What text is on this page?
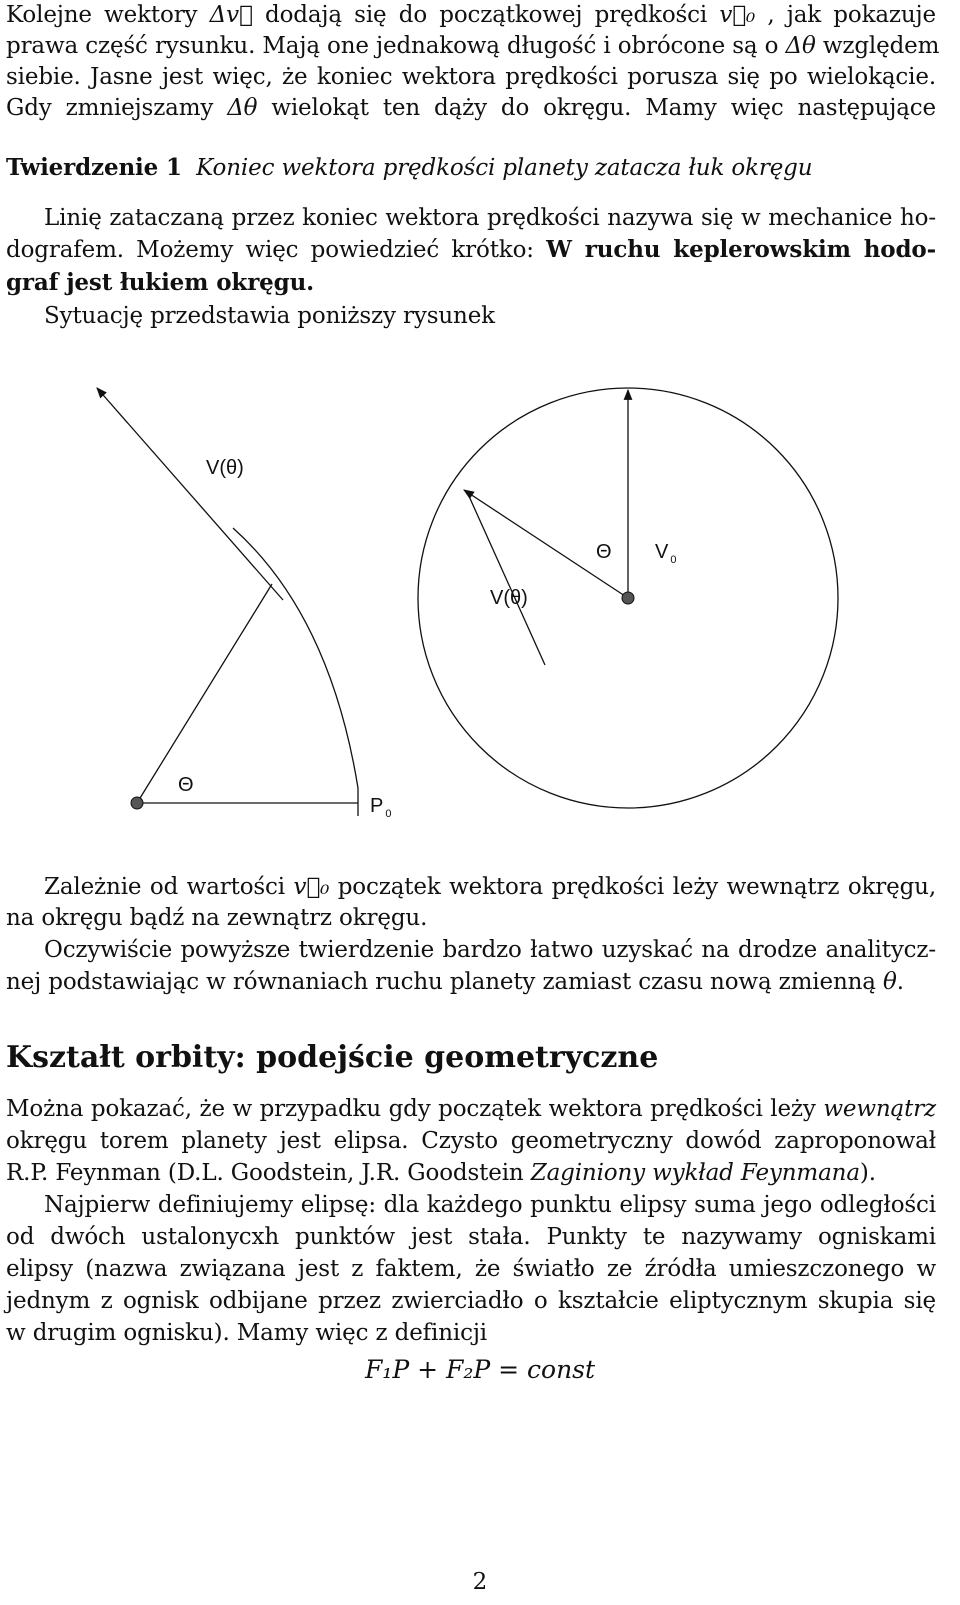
Kolejne wektory Δv⃗ dodają się do początkowej prędkości v⃗₀ , jak pokazuje
prawa część rysunku. Mają one jednakową długość i obrócone są o Δθ względem
siebie. Jasne jest więc, że koniec wektora prędkości porusza się po wielokącie.
Gdy zmniejszamy Δθ wielokąt ten dąży do okręgu. Mamy więc następujące
Twierdzenie 1 Koniec wektora prędkości planety zatacza łuk okręgu
Linię zataczaną przez koniec wektora prędkości nazywa się w mechanice ho-
dografem. Możemy więc powiedzieć krótko: W ruchu keplerowskim hodo-
graf jest łukiem okręgu.
Sytuację przedstawia poniższy rysunek
V(θ)
Θ V $_0$
V(θ)
Θ
P $_0$
Zależnie od wartości v⃗₀ początek wektora prędkości leży wewnątrz okręgu,
na okręgu bądź na zewnątrz okręgu.
Oczywiście powyższe twierdzenie bardzo łatwo uzyskać na drodze analitycz-
nej podstawiając w równaniach ruchu planety zamiast czasu nową zmienną θ.
Kształt orbity: podejście geometryczne
Można pokazać, że w przypadku gdy początek wektora prędkości leży wewnątrz
okręgu torem planety jest elipsa. Czysto geometryczny dowód zaproponował
R.P. Feynman (D.L. Goodstein, J.R. Goodstein Zaginiony wykład Feynmana).
Najpierw definiujemy elipsę: dla każdego punktu elipsy suma jego odległości
od dwóch ustalonycxh punktów jest stała. Punkty te nazywamy ogniskami
elipsy (nazwa związana jest z faktem, że światło ze źródła umieszczonego w
jednym z ognisk odbijane przez zwierciadło o kształcie eliptycznym skupia się
w drugim ognisku). Mamy więc z definicji
F₁P + F₂P = const
2
